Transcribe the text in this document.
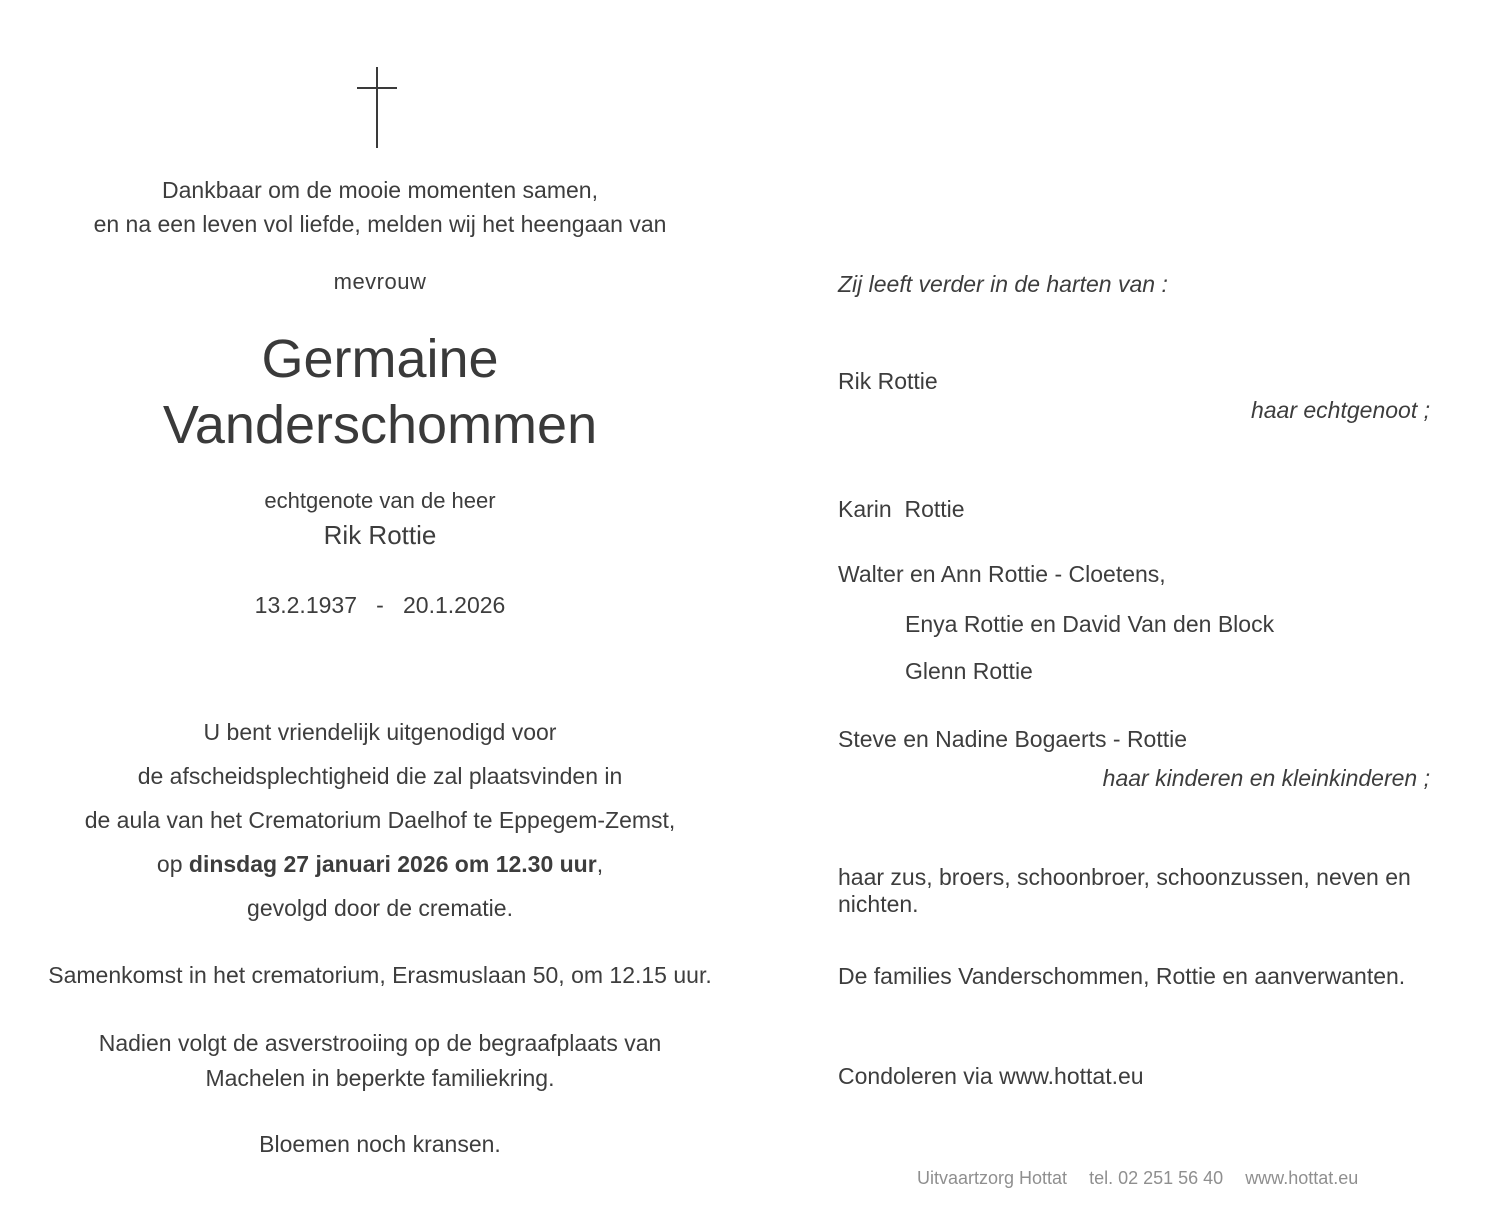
Dankbaar om de mooie momenten samen,
en na een leven vol liefde, melden wij het heengaan van
mevrouw
Germaine
Vanderschommen
echtgenote van de heer
Rik Rottie
13.2.1937   -   20.1.2026
U bent vriendelijk uitgenodigd voor
de afscheidsplechtigheid die zal plaatsvinden in
de aula van het Crematorium Daelhof te Eppegem-Zemst,
op dinsdag 27 januari 2026 om 12.30 uur,
gevolgd door de crematie.
Samenkomst in het crematorium, Erasmuslaan 50, om 12.15 uur.
Nadien volgt de asverstrooiing op de begraafplaats van
Machelen in beperkte familiekring.
Bloemen noch kransen.
Zij leeft verder in de harten van :
Rik Rottie
haar echtgenoot ;
Karin  Rottie
Walter en Ann Rottie - Cloetens,
Enya Rottie en David Van den Block
Glenn Rottie
Steve en Nadine Bogaerts - Rottie
haar kinderen en kleinkinderen ;
haar zus, broers, schoonbroer, schoonzussen, neven en nichten.
De families Vanderschommen, Rottie en aanverwanten.
Condoleren via www.hottat.eu
Uitvaartzorg Hottat tel. 02 251 56 40 www.hottat.eu
